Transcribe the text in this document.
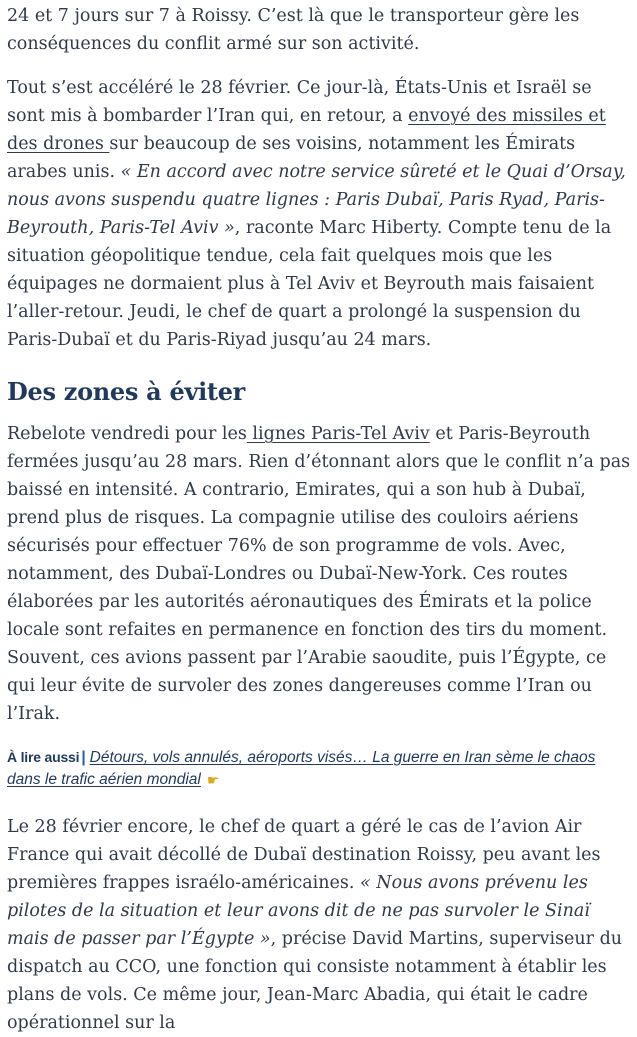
24 et 7 jours sur 7 à Roissy. C’est là que le transporteur gère les conséquences du conflit armé sur son activité.

Tout s’est accéléré le 28 février. Ce jour-là, États-Unis et Israël se sont mis à bombarder l’Iran qui, en retour, a envoyé des missiles et des drones sur beaucoup de ses voisins, notamment les Émirats arabes unis. « En accord avec notre service sûreté et le Quai d’Orsay, nous avons suspendu quatre lignes : Paris Dubaï, Paris Ryad, Paris-Beyrouth, Paris-Tel Aviv », raconte Marc Hiberty. Compte tenu de la situation géopolitique tendue, cela fait quelques mois que les équipages ne dormaient plus à Tel Aviv et Beyrouth mais faisaient l’aller-retour. Jeudi, le chef de quart a prolongé la suspension du Paris-Dubaï et du Paris-Riyad jusqu’au 24 mars.

Des zones à éviter

Rebelote vendredi pour les lignes Paris-Tel Aviv et Paris-Beyrouth fermées jusqu’au 28 mars. Rien d’étonnant alors que le conflit n’a pas baissé en intensité. A contrario, Emirates, qui a son hub à Dubaï, prend plus de risques. La compagnie utilise des couloirs aériens sécurisés pour effectuer 76% de son programme de vols. Avec, notamment, des Dubaï-Londres ou Dubaï-New-York. Ces routes élaborées par les autorités aéronautiques des Émirats et la police locale sont refaites en permanence en fonction des tirs du moment. Souvent, ces avions passent par l’Arabie saoudite, puis l’Égypte, ce qui leur évite de survoler des zones dangereuses comme l’Iran ou l’Irak.

À lire aussi | Détours, vols annulés, aéroports visés… La guerre en Iran sème le chaos dans le trafic aérien mondial ☛

Le 28 février encore, le chef de quart a géré le cas de l’avion Air France qui avait décollé de Dubaï destination Roissy, peu avant les premières frappes israélo-américaines. « Nous avons prévenu les pilotes de la situation et leur avons dit de ne pas survoler le Sinaï mais de passer par l’Égypte », précise David Martins, superviseur du dispatch au CCO, une fonction qui consiste notamment à établir les plans de vols. Ce même jour, Jean-Marc Abadia, qui était le cadre opérationnel sur la
